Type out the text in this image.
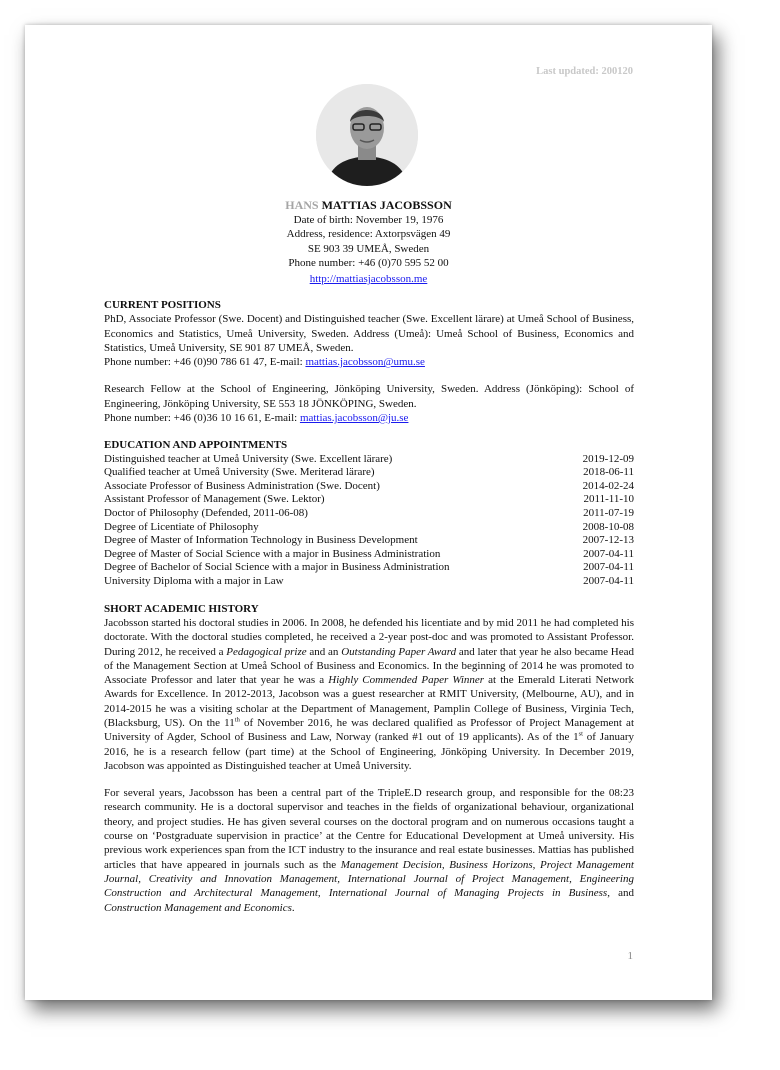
Last updated: 200120
HANS MATTIAS JACOBSSON
Date of birth: November 19, 1976
Address, residence: Axtorpsvägen 49
SE 903 39 UMEÅ, Sweden
Phone number: +46 (0)70 595 52 00
http://mattiasjacobsson.me
CURRENT POSITIONS

PhD, Associate Professor (Swe. Docent) and Distinguished teacher (Swe. Excellent lärare) at Umeå School of Business, Economics and Statistics, Umeå University, Sweden. Address (Umeå): Umeå School of Business, Economics and Statistics, Umeå University, SE 901 87 UMEÅ, Sweden.
Phone number: +46 (0)90 786 61 47, E-mail: mattias.jacobsson@umu.se

Research Fellow at the School of Engineering, Jönköping University, Sweden. Address (Jönköping): School of Engineering, Jönköping University, SE 553 18 JÖNKÖPING, Sweden.
Phone number: +46 (0)36 10 16 61, E-mail: mattias.jacobsson@ju.se

EDUCATION AND APPOINTMENTS
Distinguished teacher at Umeå University (Swe. Excellent lärare)	2019-12-09
Qualified teacher at Umeå University (Swe. Meriterad lärare)	2018-06-11
Associate Professor of Business Administration (Swe. Docent)	2014-02-24
Assistant Professor of Management (Swe. Lektor)	2011-11-10
Doctor of Philosophy (Defended, 2011-06-08)	2011-07-19
Degree of Licentiate of Philosophy	2008-10-08
Degree of Master of Information Technology in Business Development	2007-12-13
Degree of Master of Social Science with a major in Business Administration	2007-04-11
Degree of Bachelor of Social Science with a major in Business Administration	2007-04-11
University Diploma with a major in Law	2007-04-11
SHORT ACADEMIC HISTORY

Jacobsson started his doctoral studies in 2006. In 2008, he defended his licentiate and by mid 2011 he had completed his doctorate. With the doctoral studies completed, he received a 2-year post-doc and was promoted to Assistant Professor. During 2012, he received a Pedagogical prize and an Outstanding Paper Award and later that year he also became Head of the Management Section at Umeå School of Business and Economics. In the beginning of 2014 he was promoted to Associate Professor and later that year he was a Highly Commended Paper Winner at the Emerald Literati Network Awards for Excellence. In 2012-2013, Jacobson was a guest researcher at RMIT University, (Melbourne, AU), and in 2014-2015 he was a visiting scholar at the Department of Management, Pamplin College of Business, Virginia Tech, (Blacksburg, US). On the 11th of November 2016, he was declared qualified as Professor of Project Management at University of Agder, School of Business and Law, Norway (ranked #1 out of 19 applicants). As of the 1st of January 2016, he is a research fellow (part time) at the School of Engineering, Jönköping University. In December 2019, Jacobson was appointed as Distinguished teacher at Umeå University.

For several years, Jacobsson has been a central part of the TripleE.D research group, and responsible for the 08:23 research community. He is a doctoral supervisor and teaches in the fields of organizational behaviour, organizational theory, and project studies. He has given several courses on the doctoral program and on numerous occasions taught a course on ‘Postgraduate supervision in practice’ at the Centre for Educational Development at Umeå university. His previous work experiences span from the ICT industry to the insurance and real estate businesses. Mattias has published articles that have appeared in journals such as the Management Decision, Business Horizons, Project Management Journal, Creativity and Innovation Management, International Journal of Project Management, Engineering Construction and Architectural Management, International Journal of Managing Projects in Business, and Construction Management and Economics.

1
